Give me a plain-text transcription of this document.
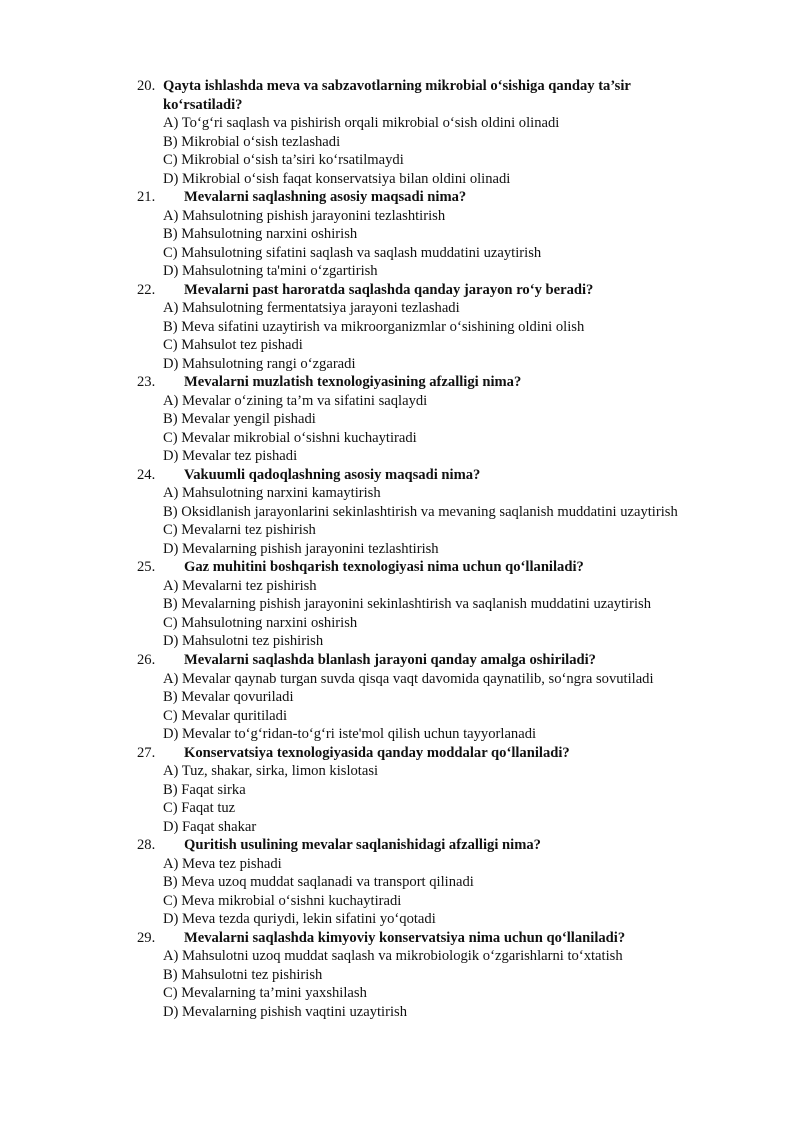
20. Qayta ishlashda meva va sabzavotlarning mikrobial o‘sishiga qanday ta’sir
ko‘rsatiladi?
A) To‘g‘ri saqlash va pishirish orqali mikrobial o‘sish oldini olinadi
B) Mikrobial o‘sish tezlashadi
C) Mikrobial o‘sish ta’siri ko‘rsatilmaydi
D) Mikrobial o‘sish faqat konservatsiya bilan oldini olinadi
21. Mevalarni saqlashning asosiy maqsadi nima?
A) Mahsulotning pishish jarayonini tezlashtirish
B) Mahsulotning narxini oshirish
C) Mahsulotning sifatini saqlash va saqlash muddatini uzaytirish
D) Mahsulotning ta'mini o‘zgartirish
22. Mevalarni past haroratda saqlashda qanday jarayon ro‘y beradi?
A) Mahsulotning fermentatsiya jarayoni tezlashadi
B) Meva sifatini uzaytirish va mikroorganizmlar o‘sishining oldini olish
C) Mahsulot tez pishadi
D) Mahsulotning rangi o‘zgaradi
23. Mevalarni muzlatish texnologiyasining afzalligi nima?
A) Mevalar o‘zining ta’m va sifatini saqlaydi
B) Mevalar yengil pishadi
C) Mevalar mikrobial o‘sishni kuchaytiradi
D) Mevalar tez pishadi
24. Vakuumli qadoqlashning asosiy maqsadi nima?
A) Mahsulotning narxini kamaytirish
B) Oksidlanish jarayonlarini sekinlashtirish va mevaning saqlanish muddatini uzaytirish
C) Mevalarni tez pishirish
D) Mevalarning pishish jarayonini tezlashtirish
25. Gaz muhitini boshqarish texnologiyasi nima uchun qo‘llaniladi?
A) Mevalarni tez pishirish
B) Mevalarning pishish jarayonini sekinlashtirish va saqlanish muddatini uzaytirish
C) Mahsulotning narxini oshirish
D) Mahsulotni tez pishirish
26. Mevalarni saqlashda blanlash jarayoni qanday amalga oshiriladi?
A) Mevalar qaynab turgan suvda qisqa vaqt davomida qaynatilib, so‘ngra sovutiladi
B) Mevalar qovuriladi
C) Mevalar quritiladi
D) Mevalar to‘g‘ridan-to‘g‘ri iste'mol qilish uchun tayyorlanadi
27. Konservatsiya texnologiyasida qanday moddalar qo‘llaniladi?
A) Tuz, shakar, sirka, limon kislotasi
B) Faqat sirka
C) Faqat tuz
D) Faqat shakar
28. Quritish usulining mevalar saqlanishidagi afzalligi nima?
A) Meva tez pishadi
B) Meva uzoq muddat saqlanadi va transport qilinadi
C) Meva mikrobial o‘sishni kuchaytiradi
D) Meva tezda quriydi, lekin sifatini yo‘qotadi
29. Mevalarni saqlashda kimyoviy konservatsiya nima uchun qo‘llaniladi?
A) Mahsulotni uzoq muddat saqlash va mikrobiologik o‘zgarishlarni to‘xtatish
B) Mahsulotni tez pishirish
C) Mevalarning ta’mini yaxshilash
D) Mevalarning pishish vaqtini uzaytirish
